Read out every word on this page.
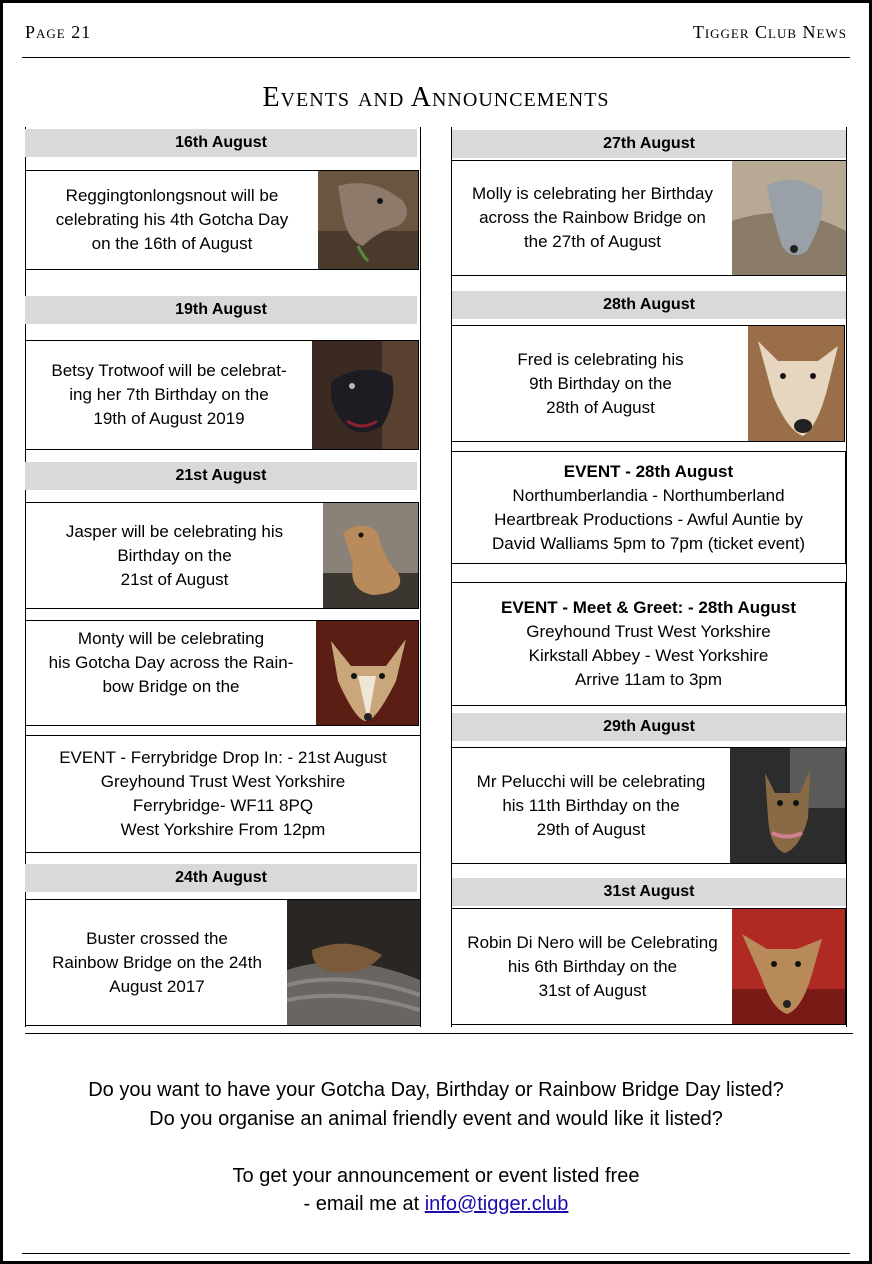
Page 21	Tigger Club News
Events and Announcements
16th August
Reggingtonlongsnout will be
celebrating his 4th Gotcha Day
on the 16th of August
19th August
Betsy Trotwoof will be celebrat-
ing her 7th Birthday on the
19th of August 2019
21st August
Jasper will be celebrating his
Birthday on the
21st of August
Monty will be celebrating
his Gotcha Day across the Rain-
bow Bridge on the
EVENT - Ferrybridge Drop In: - 21st August
Greyhound Trust West Yorkshire
Ferrybridge- WF11 8PQ
West Yorkshire From 12pm
24th August
Buster crossed the
Rainbow Bridge on the 24th
August 2017
27th August
Molly is celebrating her Birthday
across the Rainbow Bridge on
the 27th of August
28th August
Fred is celebrating his
9th Birthday on the
28th of August
EVENT - 28th August
Northumberlandia - Northumberland
Heartbreak Productions - Awful Auntie by
David Walliams 5pm to 7pm (ticket event)
EVENT - Meet & Greet: - 28th August
Greyhound Trust West Yorkshire
Kirkstall Abbey - West Yorkshire
Arrive 11am to 3pm
29th August
Mr Pelucchi will be celebrating
his 11th Birthday on the
29th of August
31st August
Robin Di Nero will be Celebrating
his 6th Birthday on the
31st of August
Do you want to have your Gotcha Day, Birthday or Rainbow Bridge Day listed?
Do you organise an animal friendly event and would like it listed?
To get your announcement or event listed free
- email me at info@tigger.club
